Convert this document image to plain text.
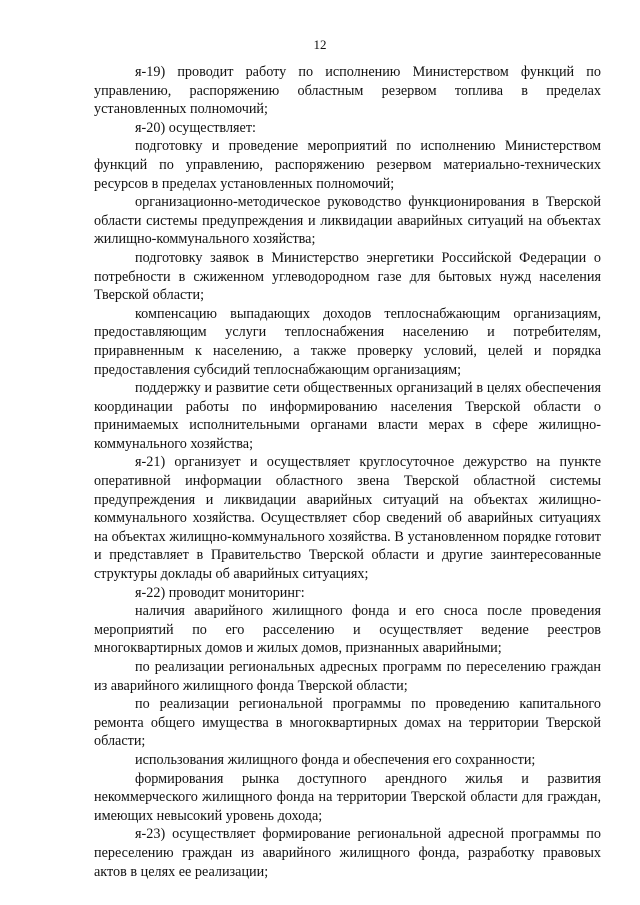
12

я-19) проводит работу по исполнению Министерством функций по управлению, распоряжению областным резервом топлива в пределах установленных полномочий;

я-20) осуществляет:

подготовку и проведение мероприятий по исполнению Министерством функций по управлению, распоряжению резервом материально-технических ресурсов в пределах установленных полномочий;

организационно-методическое руководство функционирования в Тверской области системы предупреждения и ликвидации аварийных ситуаций на объектах жилищно-коммунального хозяйства;

подготовку заявок в Министерство энергетики Российской Федерации о потребности в сжиженном углеводородном газе для бытовых нужд населения Тверской области;

компенсацию выпадающих доходов теплоснабжающим организациям, предоставляющим услуги теплоснабжения населению и потребителям, приравненным к населению, а также проверку условий, целей и порядка предоставления субсидий теплоснабжающим организациям;

поддержку и развитие сети общественных организаций в целях обеспечения координации работы по информированию населения Тверской области о принимаемых исполнительными органами власти мерах в сфере жилищно-коммунального хозяйства;

я-21) организует и осуществляет круглосуточное дежурство на пункте оперативной информации областного звена Тверской областной системы предупреждения и ликвидации аварийных ситуаций на объектах жилищно-коммунального хозяйства. Осуществляет сбор сведений об аварийных ситуациях на объектах жилищно-коммунального хозяйства. В установленном порядке готовит и представляет в Правительство Тверской области и другие заинтересованные структуры доклады об аварийных ситуациях;

я-22) проводит мониторинг:

наличия аварийного жилищного фонда и его сноса после проведения мероприятий по его расселению и осуществляет ведение реестров многоквартирных домов и жилых домов, признанных аварийными;

по реализации региональных адресных программ по переселению граждан из аварийного жилищного фонда Тверской области;

по реализации региональной программы по проведению капитального ремонта общего имущества в многоквартирных домах на территории Тверской области;

использования жилищного фонда и обеспечения его сохранности;

формирования рынка доступного арендного жилья и развития некоммерческого жилищного фонда на территории Тверской области для граждан, имеющих невысокий уровень дохода;

я-23) осуществляет формирование региональной адресной программы по переселению граждан из аварийного жилищного фонда, разработку правовых актов в целях ее реализации;
